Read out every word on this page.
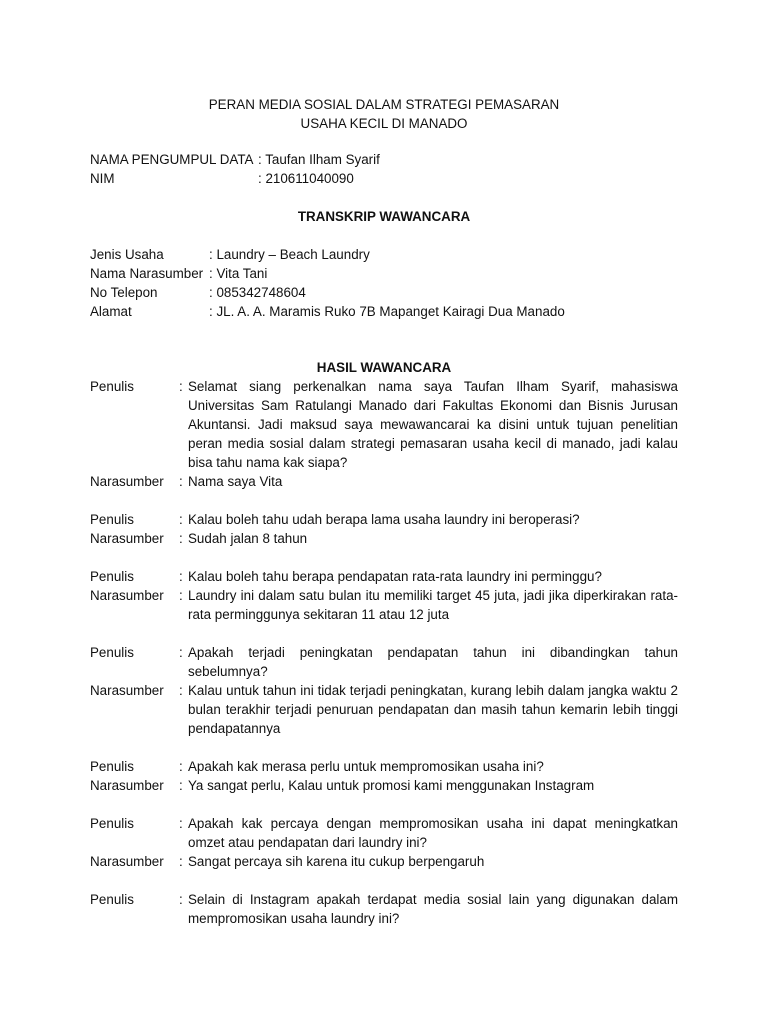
PERAN MEDIA SOSIAL DALAM STRATEGI PEMASARAN
USAHA KECIL DI MANADO
NAMA PENGUMPUL DATA : Taufan Ilham Syarif
NIM	: 210611040090
TRANSKRIP WAWANCARA
Jenis Usaha	: Laundry – Beach Laundry
Nama Narasumber : Vita Tani
No Telepon	: 085342748604
Alamat	: JL. A. A. Maramis Ruko 7B Mapanget Kairagi Dua Manado
HASIL WAWANCARA
Penulis	: Selamat siang perkenalkan nama saya Taufan Ilham Syarif, mahasiswa Universitas Sam Ratulangi Manado dari Fakultas Ekonomi dan Bisnis Jurusan Akuntansi. Jadi maksud saya mewawancarai ka disini untuk tujuan penelitian peran media sosial dalam strategi pemasaran usaha kecil di manado, jadi kalau bisa tahu nama kak siapa?
Narasumber : Nama saya Vita
Penulis	: Kalau boleh tahu udah berapa lama usaha laundry ini beroperasi?
Narasumber : Sudah jalan 8 tahun
Penulis	: Kalau boleh tahu berapa pendapatan rata-rata laundry ini perminggu?
Narasumber : Laundry ini dalam satu bulan itu memiliki target 45 juta, jadi jika diperkirakan rata-rata perminggunya sekitaran 11 atau 12 juta
Penulis	: Apakah terjadi peningkatan pendapatan tahun ini dibandingkan tahun sebelumnya?
Narasumber : Kalau untuk tahun ini tidak terjadi peningkatan, kurang lebih dalam jangka waktu 2 bulan terakhir terjadi penuruan pendapatan dan masih tahun kemarin lebih tinggi pendapatannya
Penulis	: Apakah kak merasa perlu untuk mempromosikan usaha ini?
Narasumber : Ya sangat perlu, Kalau untuk promosi kami menggunakan Instagram
Penulis	: Apakah kak percaya dengan mempromosikan usaha ini dapat meningkatkan omzet atau pendapatan dari laundry ini?
Narasumber : Sangat percaya sih karena itu cukup berpengaruh
Penulis	: Selain di Instagram apakah terdapat media sosial lain yang digunakan dalam mempromosikan usaha laundry ini?
